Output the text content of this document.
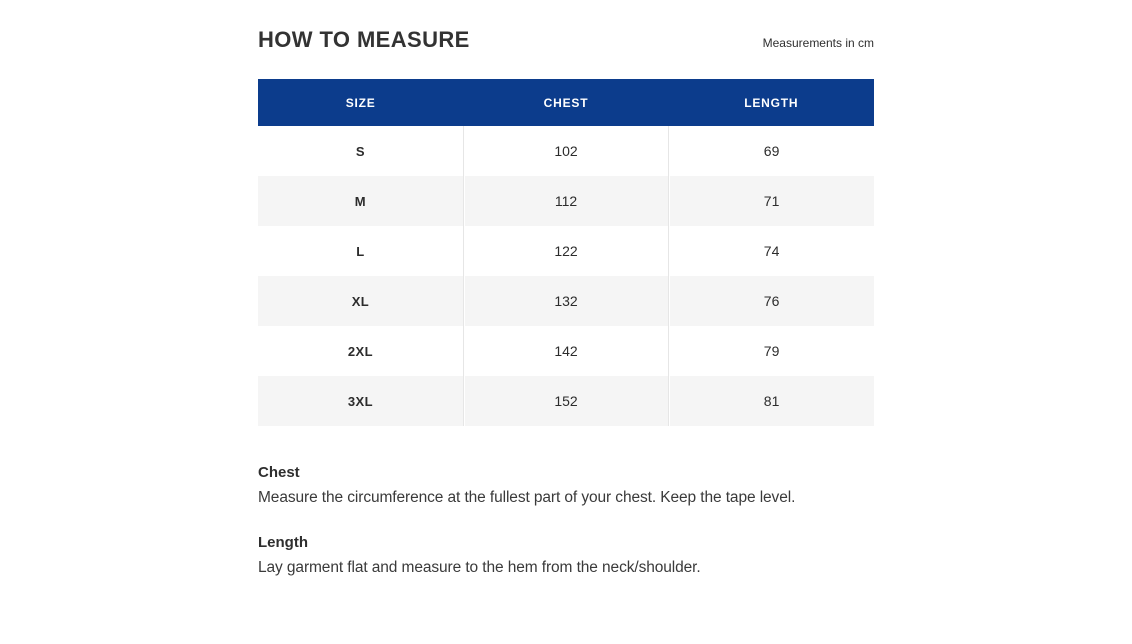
HOW TO MEASURE	Measurements in cm
SIZE	CHEST	LENGTH
S	102	69
M	112	71
L	122	74
XL	132	76
2XL	142	79
3XL	152	81
Chest

Measure the circumference at the fullest part of your chest. Keep the tape level.

Length

Lay garment flat and measure to the hem from the neck/shoulder.
